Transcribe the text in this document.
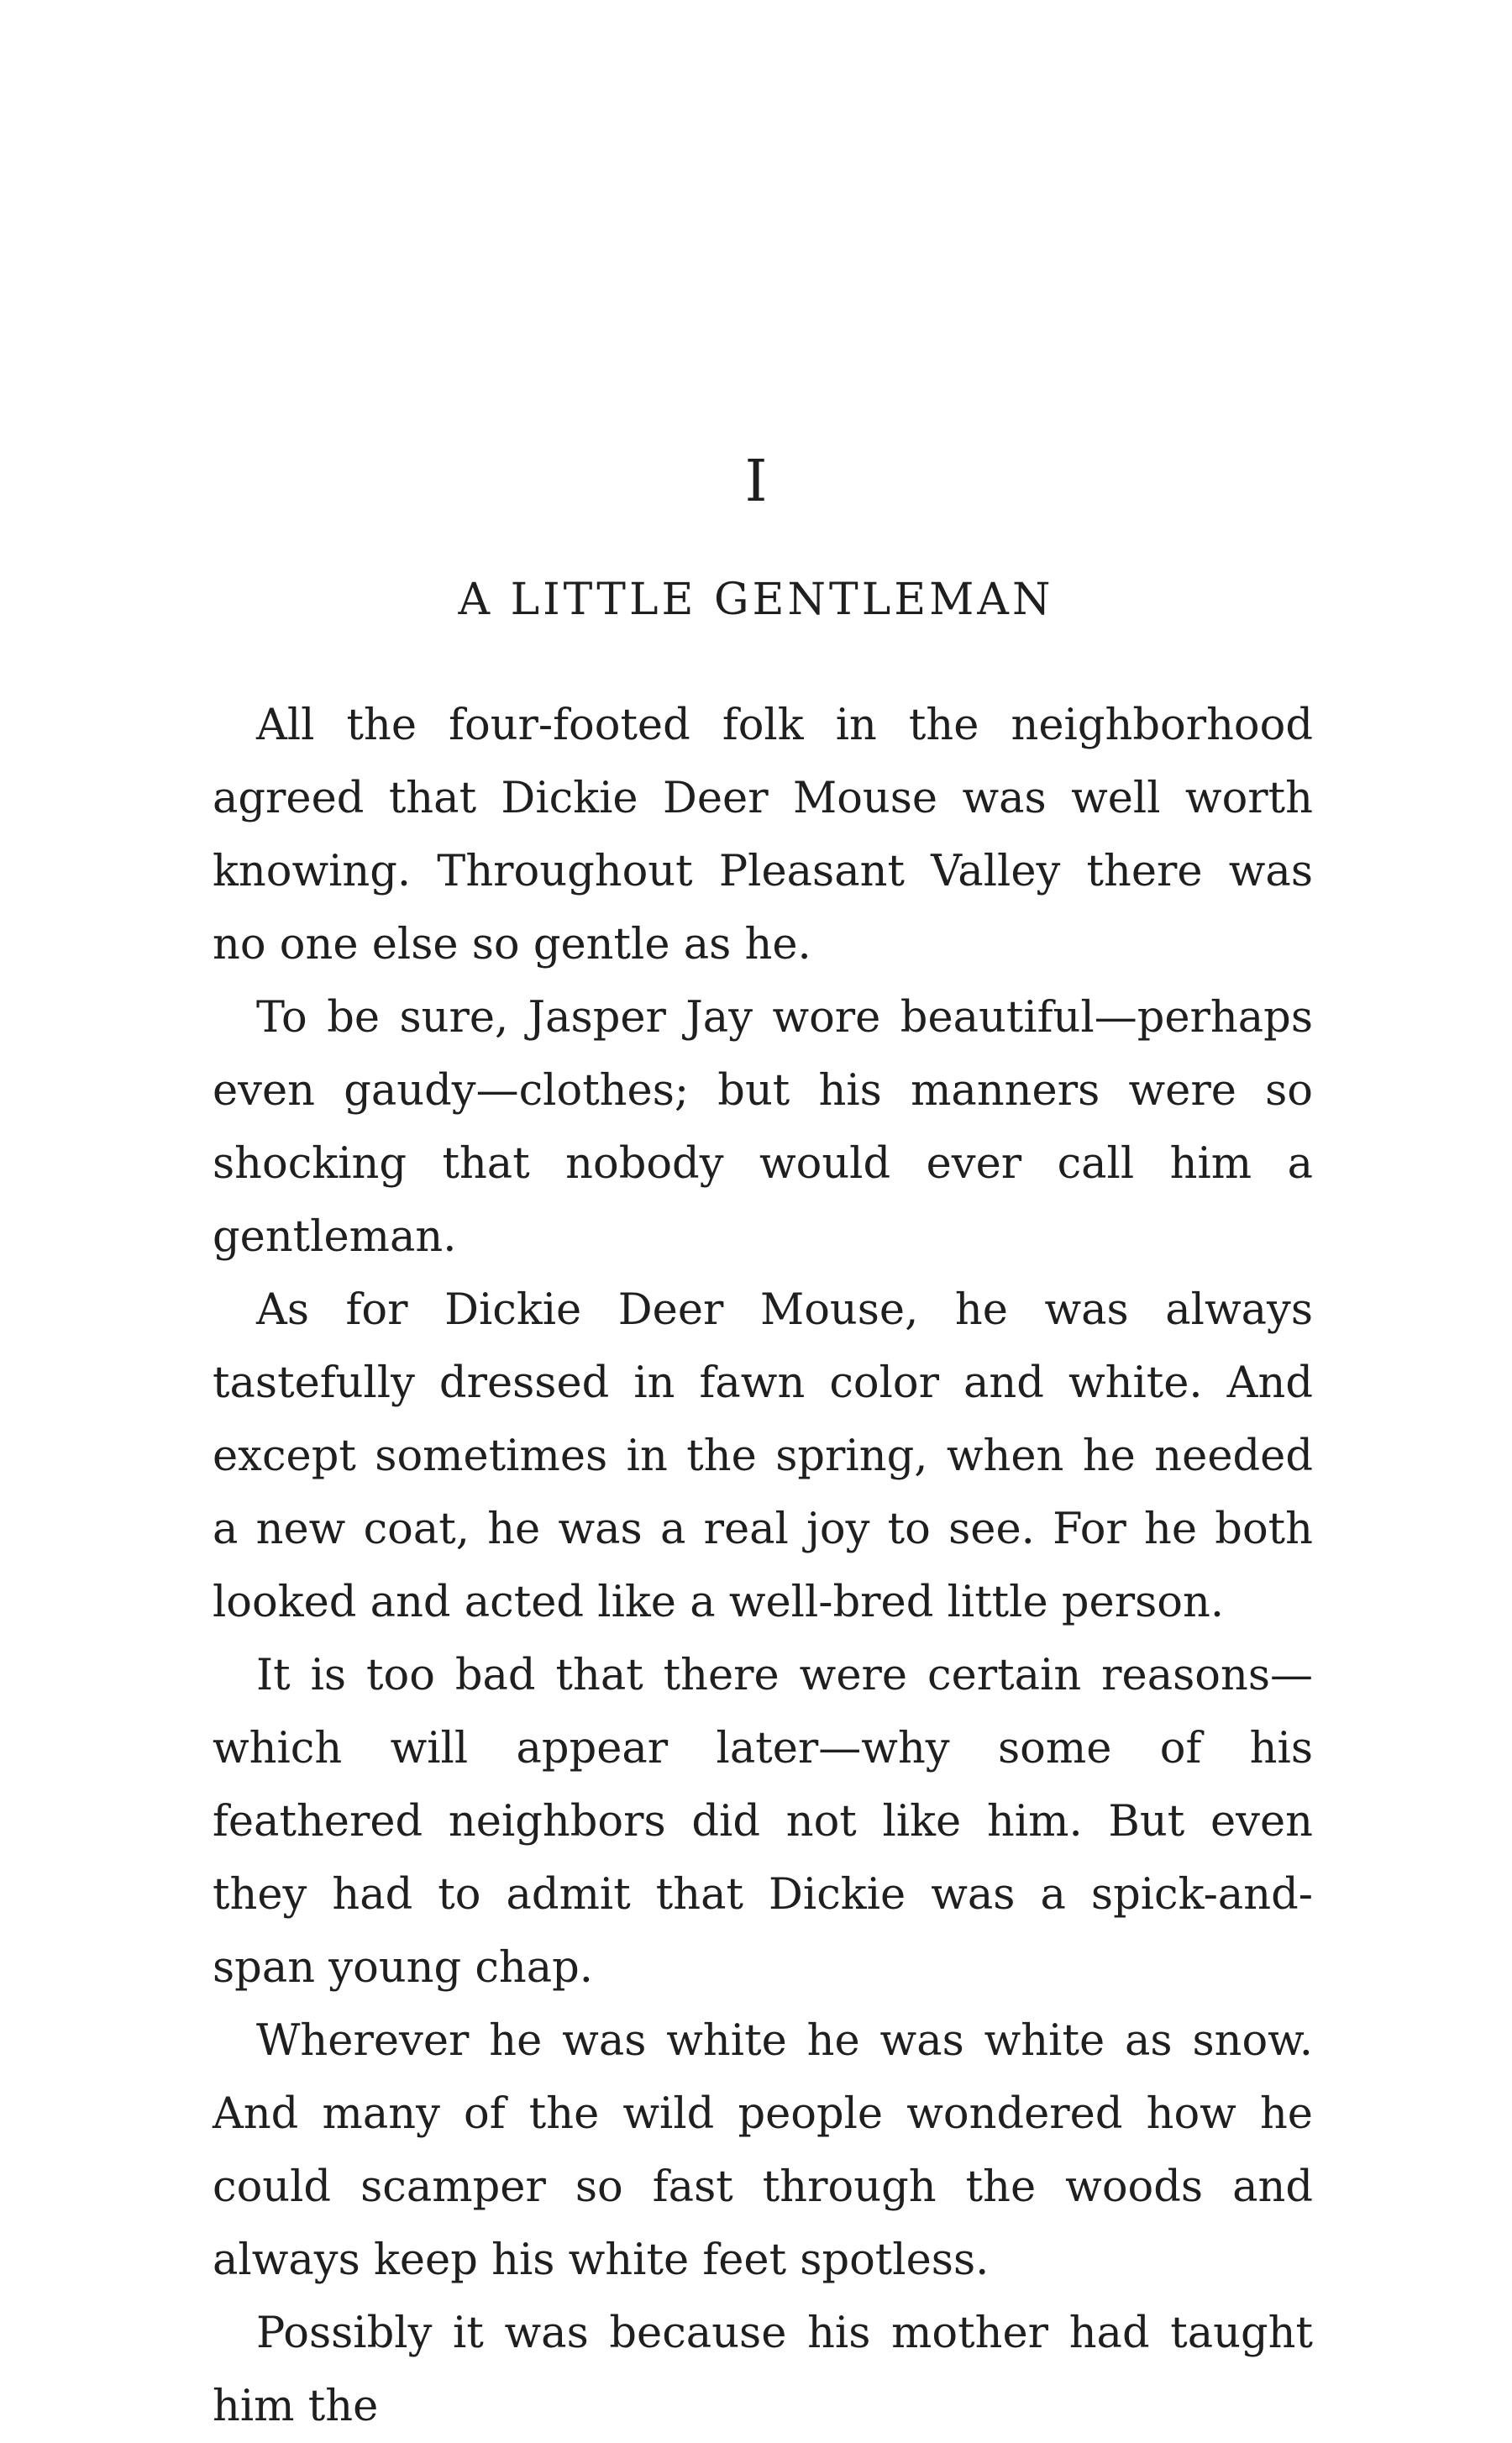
I
A LITTLE GENTLEMAN

All the four-footed folk in the neighborhood agreed that Dickie Deer Mouse was well worth knowing. Throughout Pleasant Valley there was no one else so gentle as he.

To be sure, Jasper Jay wore beautiful—perhaps even gaudy—clothes; but his manners were so shocking that nobody would ever call him a gentleman.

As for Dickie Deer Mouse, he was always tastefully dressed in fawn color and white. And except sometimes in the spring, when he needed a new coat, he was a real joy to see. For he both looked and acted like a well-bred little person.

It is too bad that there were certain reasons—which will appear later—why some of his feathered neighbors did not like him. But even they had to admit that Dickie was a spick-and-span young chap.

Wherever he was white he was white as snow. And many of the wild people wondered how he could scamper so fast through the woods and always keep his white feet spotless.

Possibly it was because his mother had taught him the
